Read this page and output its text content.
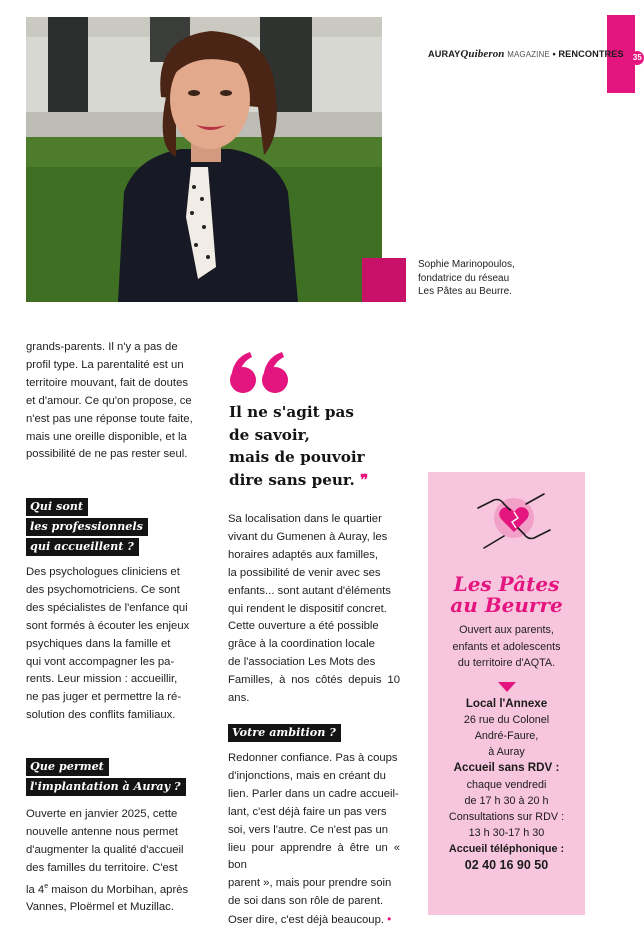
AURAYQuiberon MAGAZINE • RENCONTRES 35
Sophie Marinopoulos,
fondatrice du réseau
Les Pâtes au Beurre.
grands-parents. Il n'y a pas de
profil type. La parentalité est un
territoire mouvant, fait de doutes
et d'amour. Ce qu'on propose, ce
n'est pas une réponse toute faite,
mais une oreille disponible, et la
possibilité de ne pas rester seul.
Qui sont
les professionnels
qui accueillent ?
Des psychologues cliniciens et
des psychomotriciens. Ce sont
des spécialistes de l'enfance qui
sont formés à écouter les enjeux
psychiques dans la famille et
qui vont accompagner les pa-
rents. Leur mission : accueillir,
ne pas juger et permettre la ré-
solution des conflits familiaux.
Que permet
l'implantation à Auray ?
Ouverte en janvier 2025, cette
nouvelle antenne nous permet
d'augmenter la qualité d'accueil
des familles du territoire. C'est
la 4e maison du Morbihan, après
Vannes, Ploërmel et Muzillac.
Il ne s'agit pas
de savoir,
mais de pouvoir
dire sans peur. ❞
Sa localisation dans le quartier
vivant du Gumenen à Auray, les
horaires adaptés aux familles,
la possibilité de venir avec ses
enfants... sont autant d'éléments
qui rendent le dispositif concret.
Cette ouverture a été possible
grâce à la coordination locale
de l'association Les Mots des
Familles, à nos côtés depuis 10 ans.
Votre ambition ?
Redonner confiance. Pas à coups
d'injonctions, mais en créant du
lien. Parler dans un cadre accueil-
lant, c'est déjà faire un pas vers
soi, vers l'autre. Ce n'est pas un
lieu pour apprendre à être un « bon
parent », mais pour prendre soin
de soi dans son rôle de parent.
Oser dire, c'est déjà beaucoup. •
Les Pâtes
au Beurre
Ouvert aux parents,
enfants et adolescents
du territoire d'AQTA.
Local l'Annexe
26 rue du Colonel
André-Faure,
à Auray
Accueil sans RDV :
chaque vendredi
de 17 h 30 à 20 h
Consultations sur RDV :
13 h 30-17 h 30
Accueil téléphonique :
02 40 16 90 50
